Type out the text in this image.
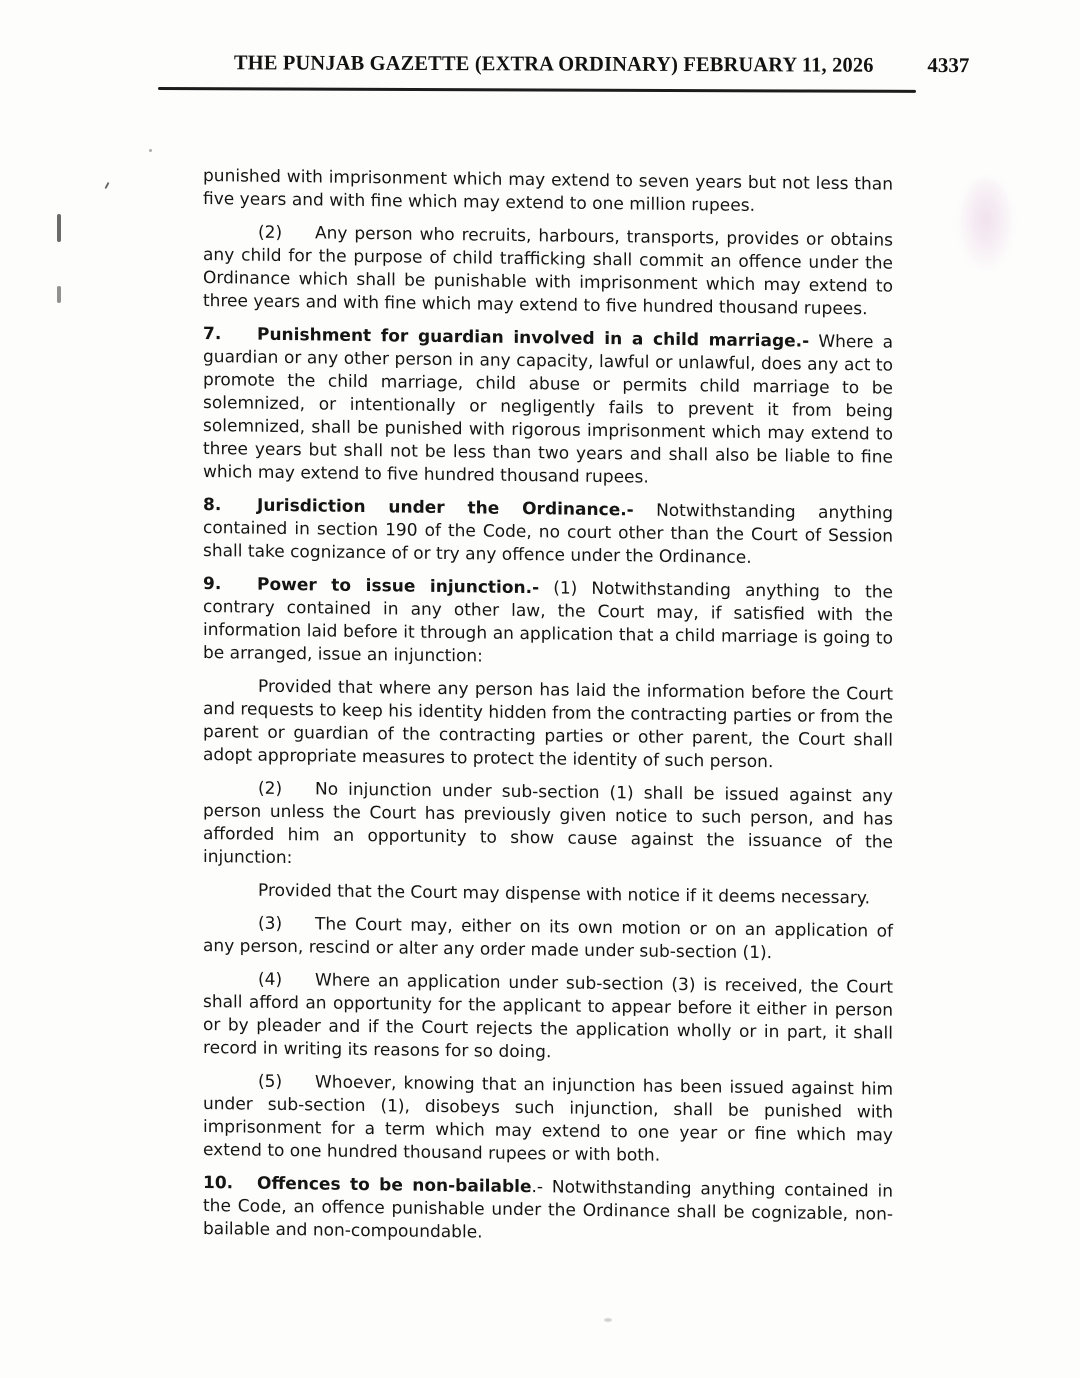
THE PUNJAB GAZETTE (EXTRA ORDINARY) FEBRUARY 11, 2026	4337

punished with imprisonment which may extend to seven years but not less than five years and with fine which may extend to one million rupees.

(2) Any person who recruits, harbours, transports, provides or obtains any child for the purpose of child trafficking shall commit an offence under the Ordinance which shall be punishable with imprisonment which may extend to three years and with fine which may extend to five hundred thousand rupees.

7. Punishment for guardian involved in a child marriage.- Where a guardian or any other person in any capacity, lawful or unlawful, does any act to promote the child marriage, child abuse or permits child marriage to be solemnized, or intentionally or negligently fails to prevent it from being solemnized, shall be punished with rigorous imprisonment which may extend to three years but shall not be less than two years and shall also be liable to fine which may extend to five hundred thousand rupees.

8. Jurisdiction under the Ordinance.- Notwithstanding anything contained in section 190 of the Code, no court other than the Court of Session shall take cognizance of or try any offence under the Ordinance.

9. Power to issue injunction.- (1) Notwithstanding anything to the contrary contained in any other law, the Court may, if satisfied with the information laid before it through an application that a child marriage is going to be arranged, issue an injunction:

Provided that where any person has laid the information before the Court and requests to keep his identity hidden from the contracting parties or from the parent or guardian of the contracting parties or other parent, the Court shall adopt appropriate measures to protect the identity of such person.

(2) No injunction under sub-section (1) shall be issued against any person unless the Court has previously given notice to such person, and has afforded him an opportunity to show cause against the issuance of the injunction:

Provided that the Court may dispense with notice if it deems necessary.

(3) The Court may, either on its own motion or on an application of any person, rescind or alter any order made under sub-section (1).

(4) Where an application under sub-section (3) is received, the Court shall afford an opportunity for the applicant to appear before it either in person or by pleader and if the Court rejects the application wholly or in part, it shall record in writing its reasons for so doing.

(5) Whoever, knowing that an injunction has been issued against him under sub-section (1), disobeys such injunction, shall be punished with imprisonment for a term which may extend to one year or fine which may extend to one hundred thousand rupees or with both.

10. Offences to be non-bailable.- Notwithstanding anything contained in the Code, an offence punishable under the Ordinance shall be cognizable, non-bailable and non-compoundable.
